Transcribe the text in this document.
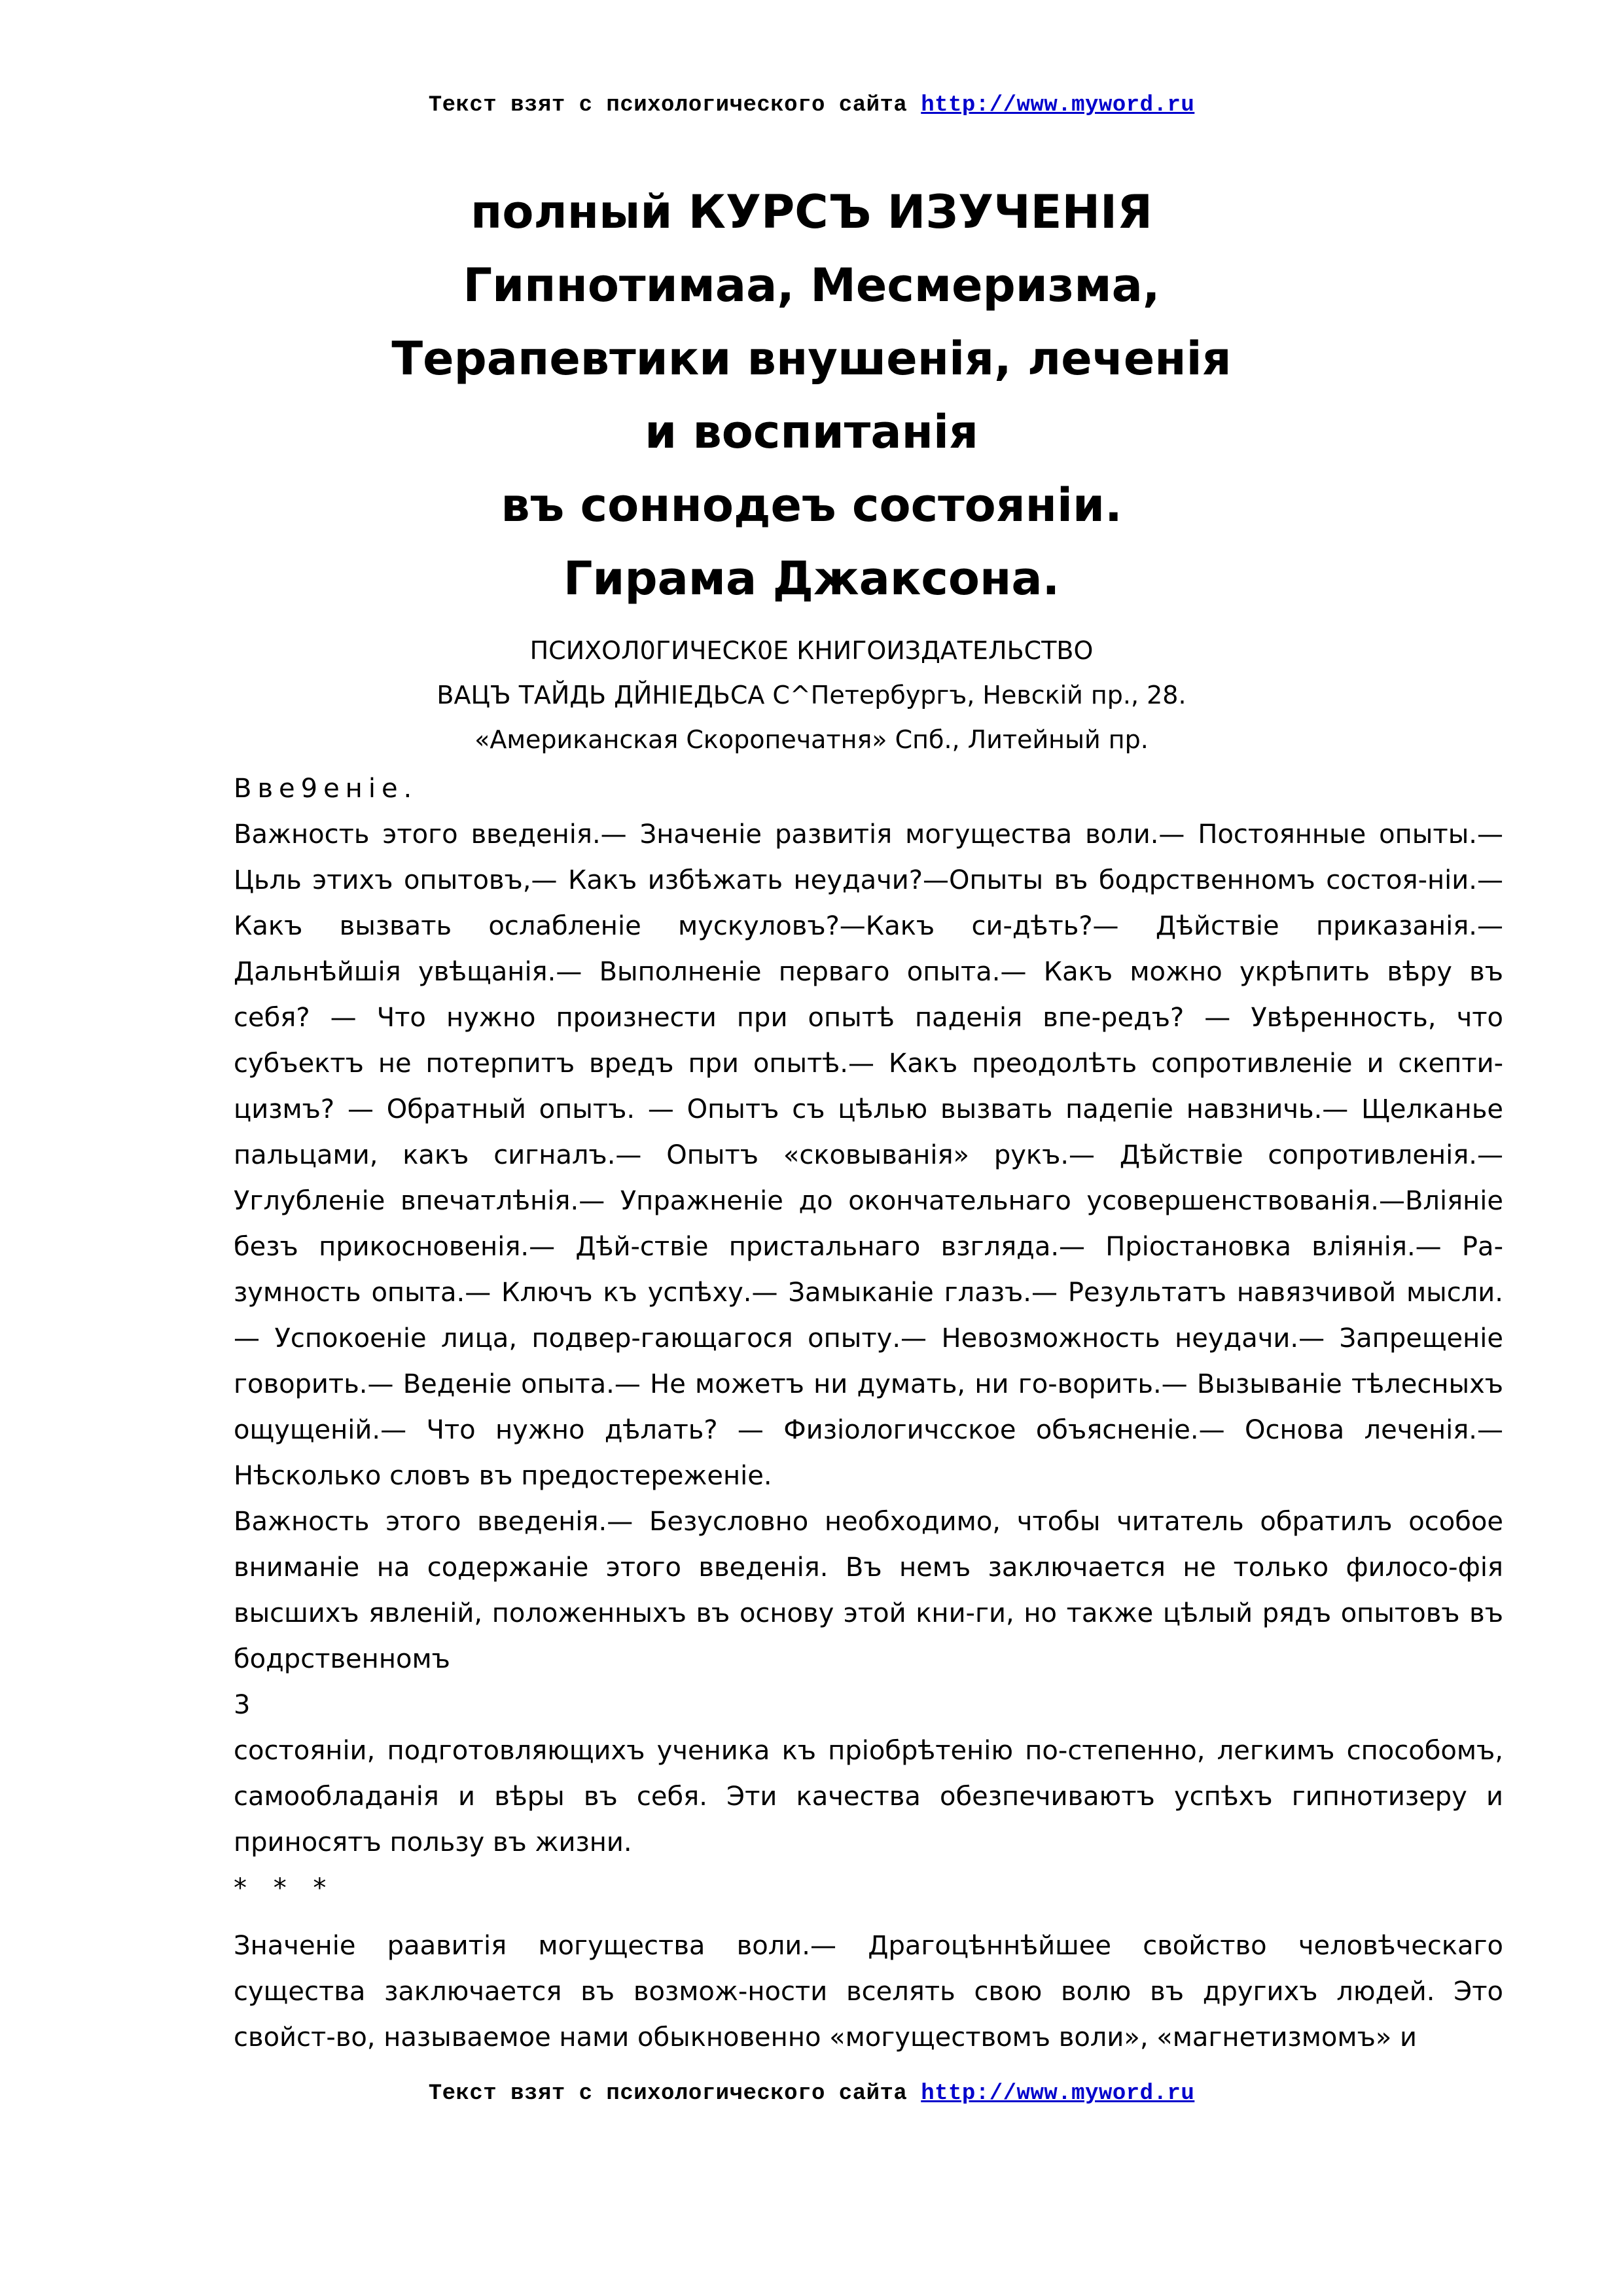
Текст взят с психологического сайта http://www.myword.ru
полный КУРСЪ ИЗУЧЕНІЯ
Гипнотимаа, Месмеризма,
Терапевтики внушенія, леченія
и воспитанія
въ соннодеъ состояніи.
Гирама Джаксона.
ПСИХОЛ0ГИЧЕСК0Е КНИГОИЗДАТЕЛЬСТВО
ВАЦЪ ТАЙДЬ ДЙНІЕДЬСА С^Петербургъ, Невскій пр., 28.
«Американская Скоропечатня» Спб., Литейный пр.

Вве9еніе.

Важность этого введенія.— Значеніе развитія могущества воли.— Постоянные опыты.— Цьль этихъ опытовъ,— Какъ избѣжать неудачи?—Опыты въ бодрственномъ состоя-ніи.— Какъ вызвать ослабленіе мускуловъ?—Какъ си-дѣть?— Дѣйствіе приказанія.— Дальнѣйшія увѣщанія.— Выполненіе перваго опыта.— Какъ можно укрѣпить вѣру въ себя? — Что нужно произнести при опытѣ паденія впе-редъ? — Увѣренность, что субъектъ не потерпитъ вредъ при опытѣ.— Какъ преодолѣть сопротивленіе и скепти-цизмъ? — Обратный опытъ. — Опытъ съ цѣлью вызвать падепіе навзничь.— Щелканье пальцами, какъ сигналъ.— Опытъ «сковыванія» рукъ.— Дѣйствіе сопротивленія.— Углубленіе впечатлѣнія.— Упражненіе до окончательнаго усовершенствованія.—Вліяніе безъ прикосновенія.— Дѣй-ствіе пристальнаго взгляда.— Пріостановка вліянія.— Ра-зумность опыта.— Ключъ къ успѣху.— Замыканіе глазъ.— Результатъ навязчивой мысли.— Успокоеніе лица, подвер-гающагося опыту.— Невозможность неудачи.— Запрещеніе говорить.— Веденіе опыта.— Не можетъ ни думать, ни го-ворить.— Вызываніе тѣлесныхъ ощущеній.— Что нужно дѣлать? — Физіологичсское объясненіе.— Основа леченія.— Нѣсколько словъ въ предостереженіе.

Важность этого введенія.— Безусловно необходимо, чтобы читатель обратилъ особое вниманіе на содержаніе этого введенія. Въ немъ заключается не только филосо-фія высшихъ явленій, положенныхъ въ основу этой кни-ги, но также цѣлый рядъ опытовъ въ бодрственномъ

3

состояніи, подготовляющихъ ученика къ пріобрѣтенію по-степенно, легкимъ способомъ, самообладанія и вѣры въ себя. Эти качества обезпечиваютъ успѣхъ гипнотизеру и приносятъ пользу въ жизни.

* * *

Значеніе раавитія могущества воли.— Драгоцѣннѣйшее свойство человѣческаго существа заключается въ возмож-ности вселять свою волю въ другихъ людей. Это свойст-во, называемое нами обыкновенно «могуществомъ воли», «магнетизмомъ» и

Текст взят с психологического сайта http://www.myword.ru
